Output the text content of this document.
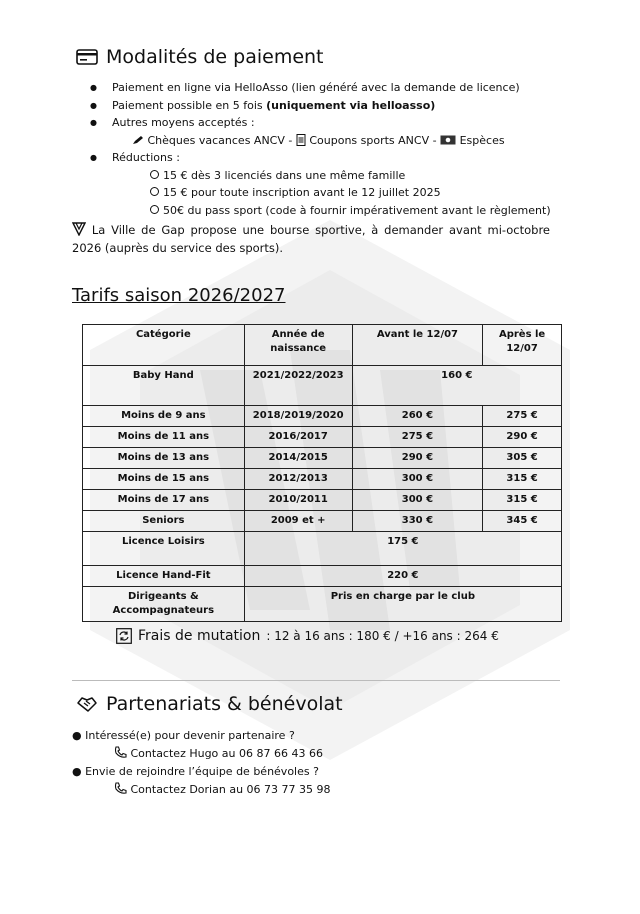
Modalités de paiement
● Paiement en ligne via HelloAsso (lien généré avec la demande de licence)
● Paiement possible en 5 fois (uniquement via helloasso)
● Autres moyens acceptés :
Chèques vacances ANCV - Coupons sports ANCV - Espèces
● Réductions :
15 € dès 3 licenciés dans une même famille
15 € pour toute inscription avant le 12 juillet 2025
50€ du pass sport (code à fournir impérativement avant le règlement)
La Ville de Gap propose une bourse sportive, à demander avant mi-octobre 2026 (auprès du service des sports).
Tarifs saison 2026/2027
Catégorie	Année de naissance	Avant le 12/07	Après le 12/07
Baby Hand	2021/2022/2023	160 €	
Moins de 9 ans	2018/2019/2020	260 €	275 €
Moins de 11 ans	2016/2017	275 €	290 €
Moins de 13 ans	2014/2015	290 €	305 €
Moins de 15 ans	2012/2013	300 €	315 €
Moins de 17 ans	2010/2011	300 €	315 €
Seniors	2009 et +	330 €	345 €
Licence Loisirs	175 €		
Licence Hand-Fit	220 €		
Dirigeants & Accompagnateurs	Pris en charge par le club		
Frais de mutation : 12 à 16 ans : 180 € / +16 ans : 264 €
Partenariats & bénévolat
● Intéressé(e) pour devenir partenaire ?
Contactez Hugo au 06 87 66 43 66
● Envie de rejoindre l’équipe de bénévoles ?
Contactez Dorian au 06 73 77 35 98
